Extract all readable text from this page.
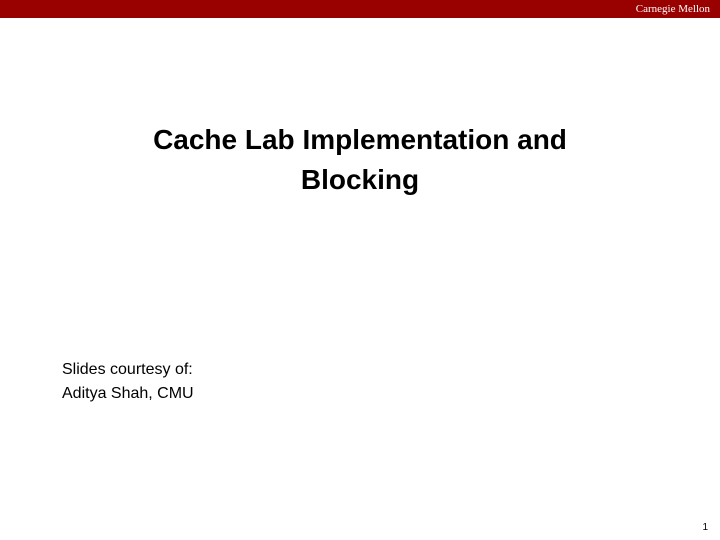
Carnegie Mellon
Cache Lab Implementation and
Blocking
Slides courtesy of:
Aditya Shah, CMU
1
